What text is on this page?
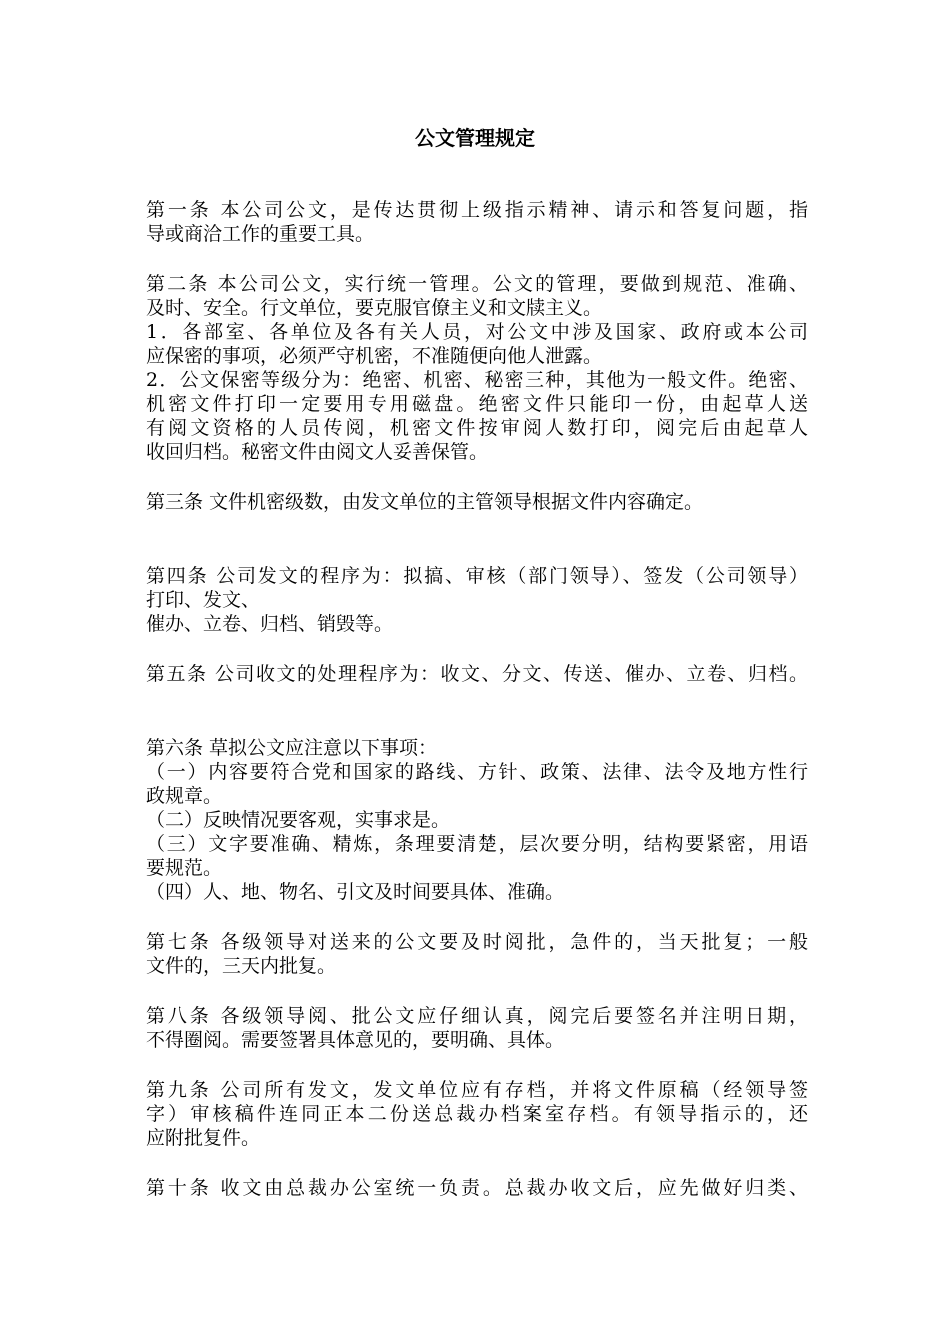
公文管理规定
第一条 本公司公文，是传达贯彻上级指示精神、请示和答复问题，指
导或商洽工作的重要工具。
第二条 本公司公文，实行统一管理。公文的管理，要做到规范、准确、
及时、安全。行文单位，要克服官僚主义和文牍主义。
1．各部室、各单位及各有关人员，对公文中涉及国家、政府或本公司
应保密的事项，必须严守机密，不准随便向他人泄露。
2．公文保密等级分为：绝密、机密、秘密三种，其他为一般文件。绝密、
机密文件打印一定要用专用磁盘。绝密文件只能印一份，由起草人送
有阅文资格的人员传阅，机密文件按审阅人数打印，阅完后由起草人
收回归档。秘密文件由阅文人妥善保管。
第三条 文件机密级数，由发文单位的主管领导根据文件内容确定。
第四条 公司发文的程序为：拟搞、审核（部门领导）、签发（公司领导）
打印、发文、
催办、立卷、归档、销毁等。
第五条 公司收文的处理程序为：收文、分文、传送、催办、立卷、归档。
第六条 草拟公文应注意以下事项：
（一）内容要符合党和国家的路线、方针、政策、法律、法令及地方性行
政规章。
（二）反映情况要客观，实事求是。
（三）文字要准确、精炼，条理要清楚，层次要分明，结构要紧密，用语
要规范。
（四）人、地、物名、引文及时间要具体、准确。
第七条 各级领导对送来的公文要及时阅批，急件的，当天批复；一般
文件的，三天内批复。
第八条 各级领导阅、批公文应仔细认真，阅完后要签名并注明日期，
不得圈阅。需要签署具体意见的，要明确、具体。
第九条 公司所有发文，发文单位应有存档，并将文件原稿（经领导签
字）审核稿件连同正本二份送总裁办档案室存档。有领导指示的，还
应附批复件。
第十条 收文由总裁办公室统一负责。总裁办收文后，应先做好归类、
